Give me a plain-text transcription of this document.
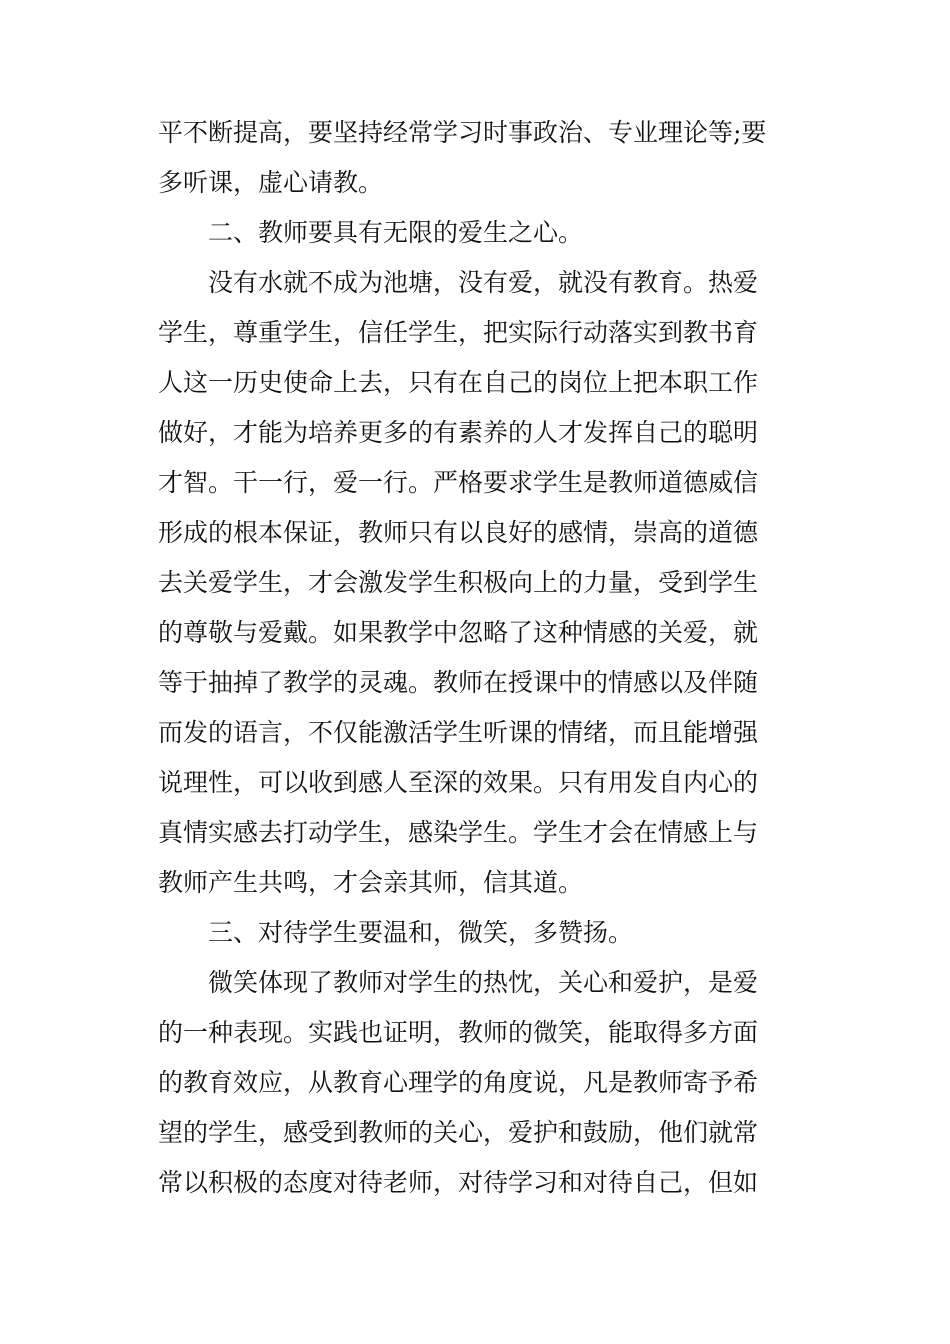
平不断提高，要坚持经常学习时事政治、专业理论等;要
多听课，虚心请教。
二、教师要具有无限的爱生之心。
没有水就不成为池塘，没有爱，就没有教育。热爱
学生，尊重学生，信任学生，把实际行动落实到教书育
人这一历史使命上去，只有在自己的岗位上把本职工作
做好，才能为培养更多的有素养的人才发挥自己的聪明
才智。干一行，爱一行。严格要求学生是教师道德威信
形成的根本保证，教师只有以良好的感情，崇高的道德
去关爱学生，才会激发学生积极向上的力量，受到学生
的尊敬与爱戴。如果教学中忽略了这种情感的关爱，就
等于抽掉了教学的灵魂。教师在授课中的情感以及伴随
而发的语言，不仅能激活学生听课的情绪，而且能增强
说理性，可以收到感人至深的效果。只有用发自内心的
真情实感去打动学生，感染学生。学生才会在情感上与
教师产生共鸣，才会亲其师，信其道。
三、对待学生要温和，微笑，多赞扬。
微笑体现了教师对学生的热忱，关心和爱护，是爱
的一种表现。实践也证明，教师的微笑，能取得多方面
的教育效应，从教育心理学的角度说，凡是教师寄予希
望的学生，感受到教师的关心，爱护和鼓励，他们就常
常以积极的态度对待老师，对待学习和对待自己，但如
